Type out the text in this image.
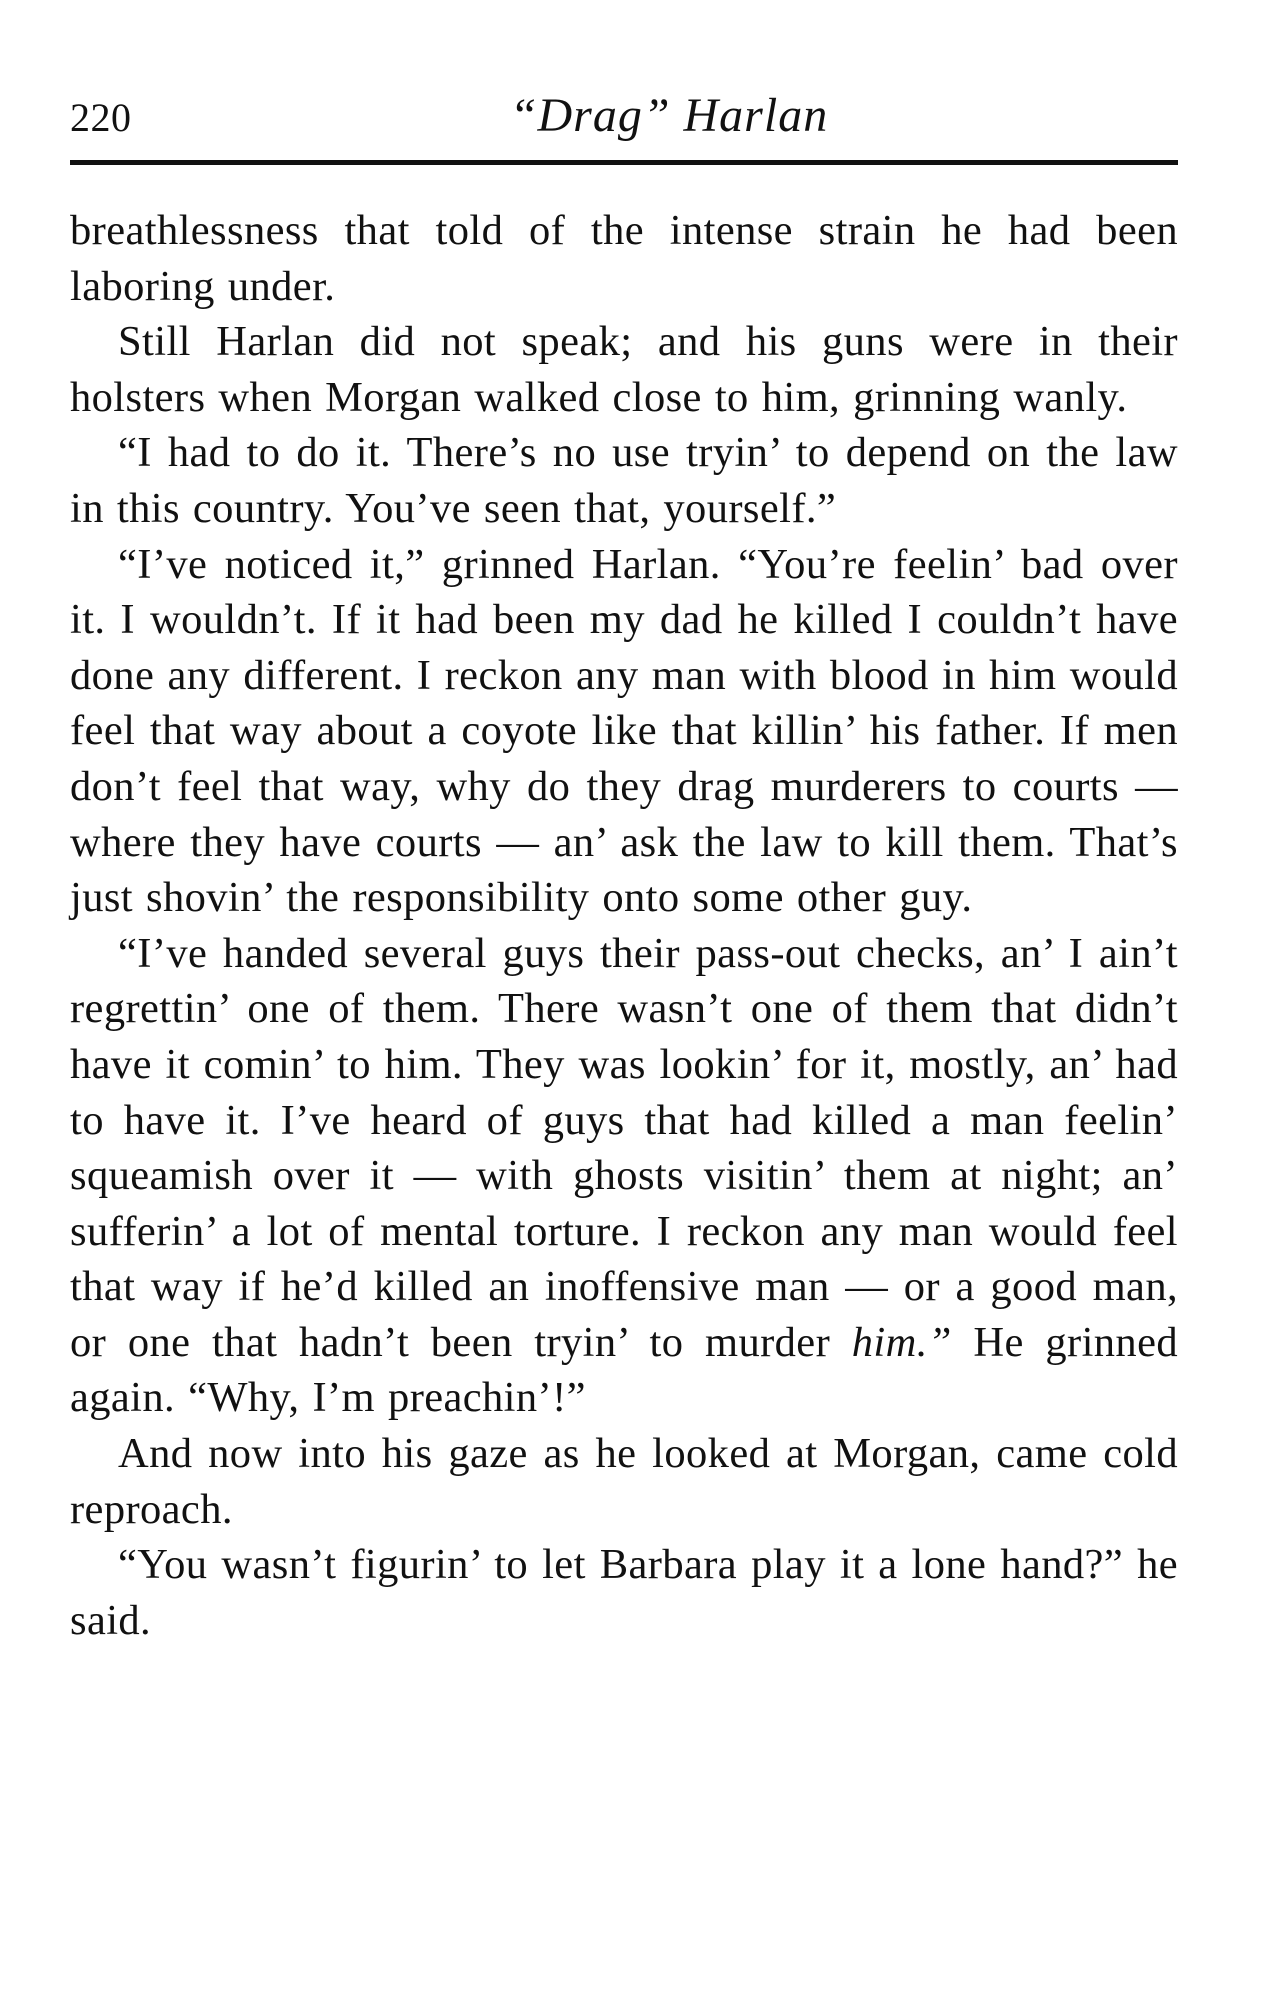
220	“Drag” Harlan

breathlessness that told of the intense strain he had been laboring under.

Still Harlan did not speak; and his guns were in their holsters when Morgan walked close to him, grinning wanly.

“I had to do it. There’s no use tryin’ to depend on the law in this country. You’ve seen that, yourself.”

“I’ve noticed it,” grinned Harlan. “You’re feelin’ bad over it. I wouldn’t. If it had been my dad he killed I couldn’t have done any different. I reckon any man with blood in him would feel that way about a coyote like that killin’ his father. If men don’t feel that way, why do they drag murderers to courts — where they have courts — an’ ask the law to kill them. That’s just shovin’ the responsibility onto some other guy.

“I’ve handed several guys their pass-out checks, an’ I ain’t regrettin’ one of them. There wasn’t one of them that didn’t have it comin’ to him. They was lookin’ for it, mostly, an’ had to have it. I’ve heard of guys that had killed a man feelin’ squeamish over it — with ghosts visitin’ them at night; an’ sufferin’ a lot of mental torture. I reckon any man would feel that way if he’d killed an inoffensive man — or a good man, or one that hadn’t been tryin’ to murder him.” He grinned again. “Why, I’m preachin’!”

And now into his gaze as he looked at Morgan, came cold reproach.

“You wasn’t figurin’ to let Barbara play it a lone hand?” he said.
